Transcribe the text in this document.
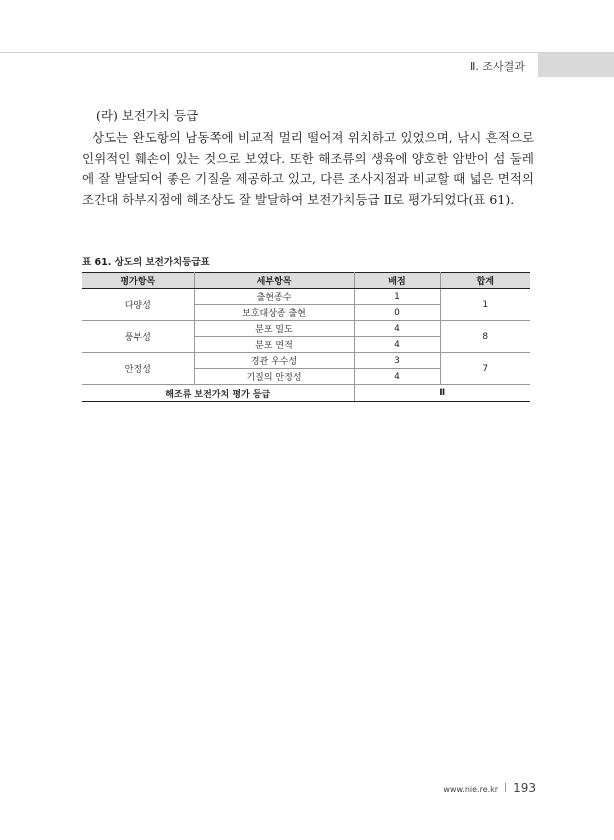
Ⅱ. 조사결과
(라) 보전가치 등급

상도는 완도항의 남동쪽에 비교적 멀리 떨어져 위치하고 있었으며, 낚시 흔적으로 인위적인 훼손이 있는 것으로 보였다. 또한 해조류의 생육에 양호한 암반이 섬 둘레에 잘 발달되어 좋은 기질을 제공하고 있고, 다른 조사지점과 비교할 때 넓은 면적의 조간대 하부지점에 해조상도 잘 발달하여 보전가치등급 Ⅱ로 평가되었다(표 61).

표 61. 상도의 보전가치등급표
평가항목	세부항목	배점	합계
다양성	출현종수	1	1
	보호대상종 출현	0	
풍부성	분포 밀도	4	8
	분포 면적	4	
안정성	경관 우수성	3	7
	기질의 안정성	4	
해조류 보전가치 평가 등급		Ⅱ	
www.nie.re.kr 193
